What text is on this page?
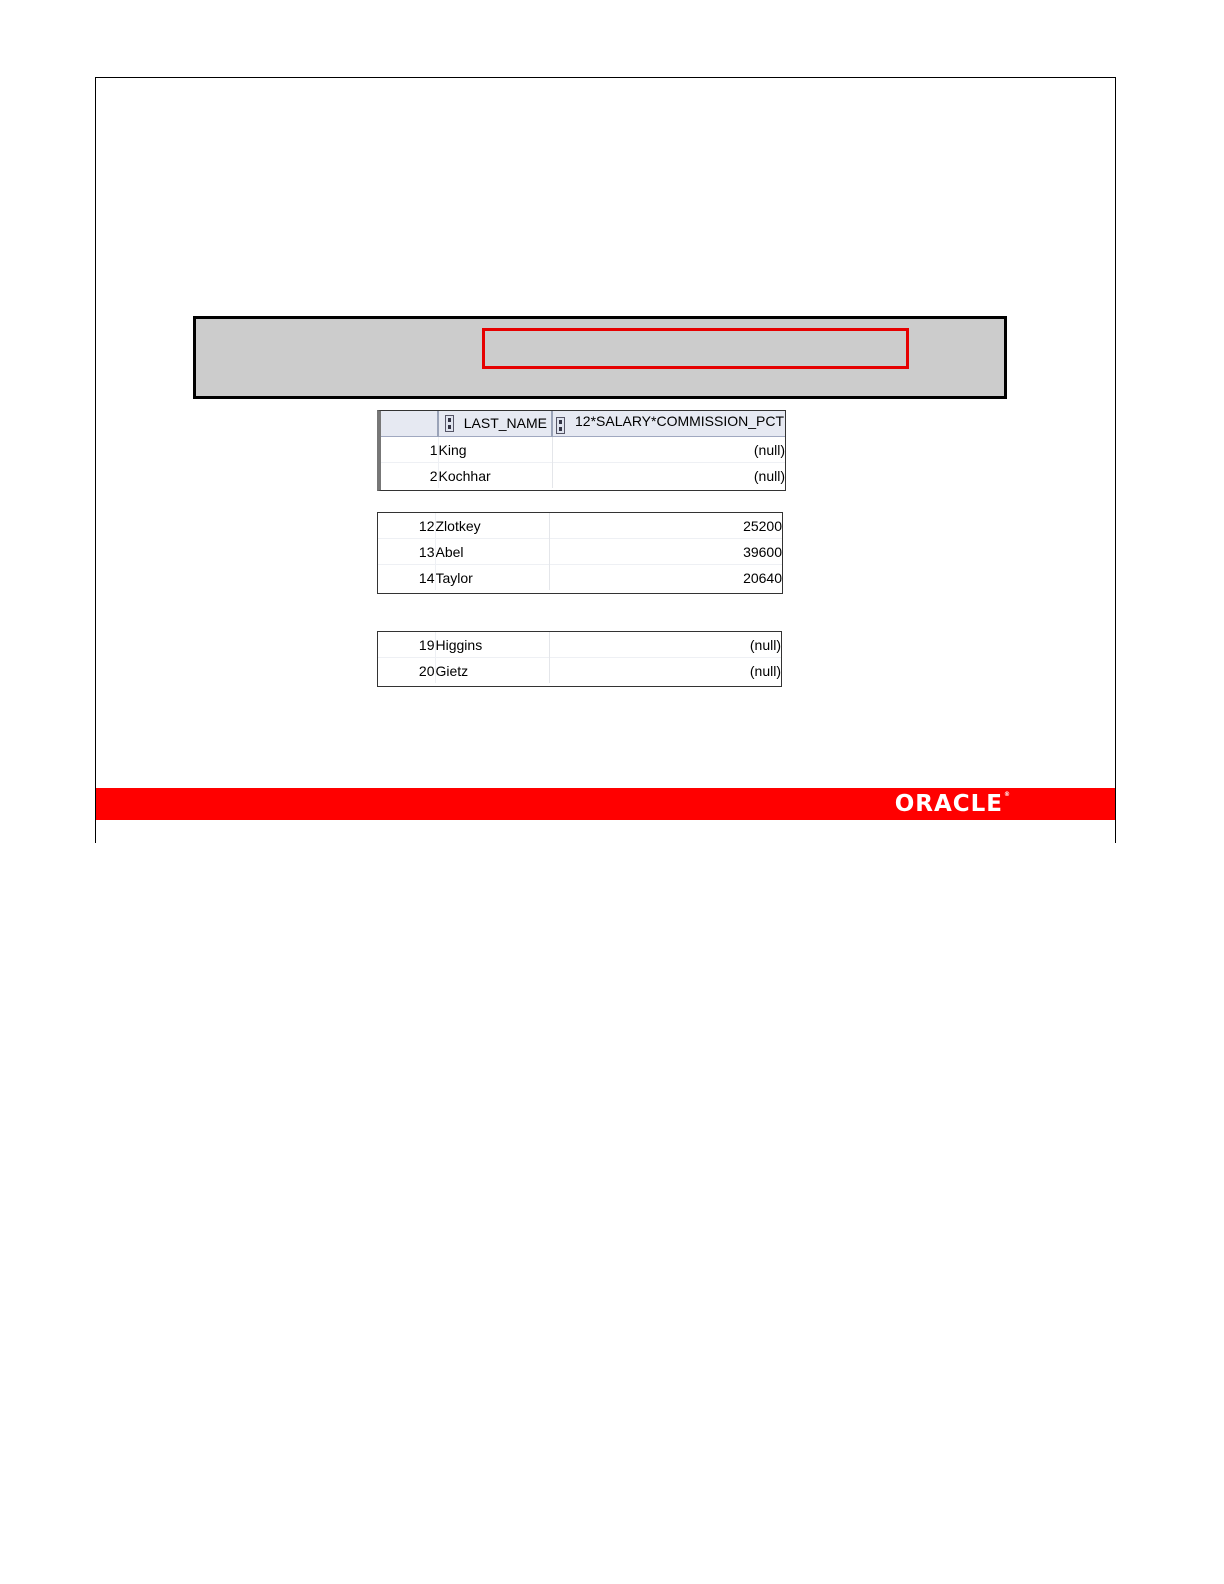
	LAST_NAME	12*SALARY*COMMISSION_PCT
1	King	(null)
2	Kochhar	(null)
12	Zlotkey	25200
13	Abel	39600
14	Taylor	20640
19	Higgins	(null)
20	Gietz	(null)
ORACLE®
